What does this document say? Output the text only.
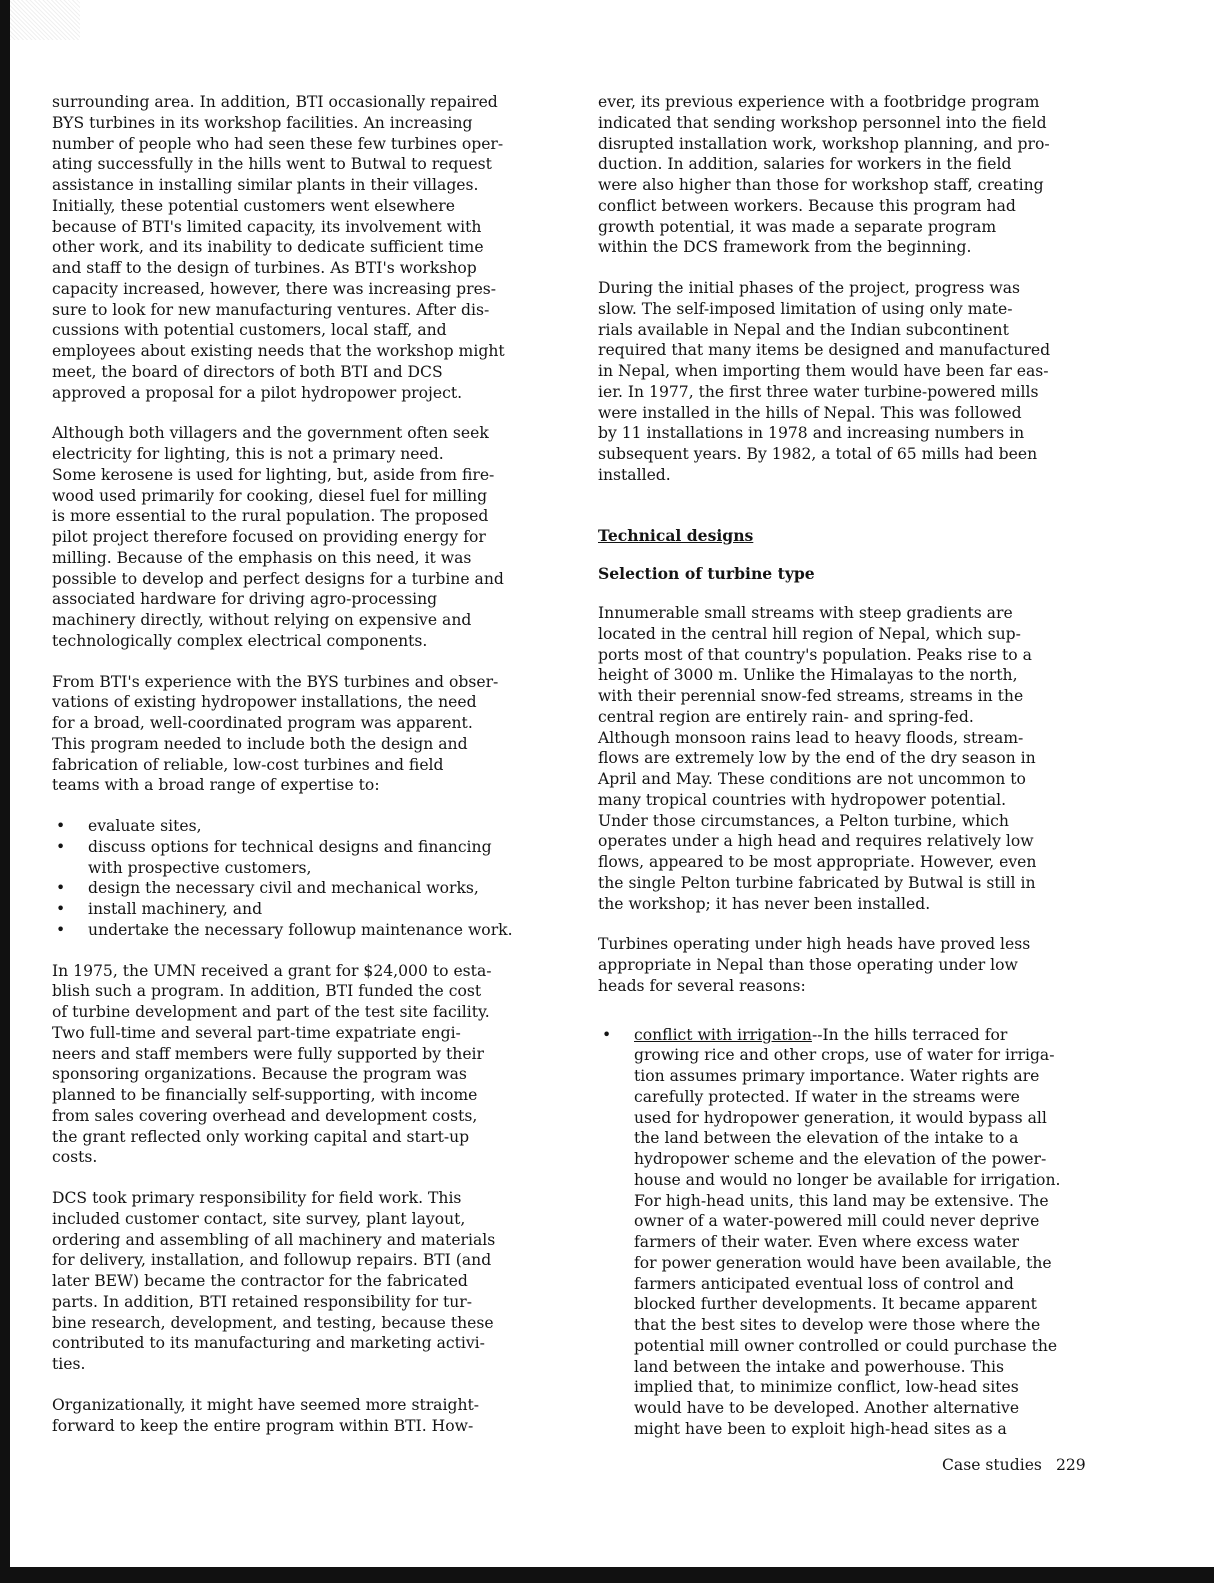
surrounding area. In addition, BTI occasionally repaired
BYS turbines in its workshop facilities. An increasing
number of people who had seen these few turbines oper-
ating successfully in the hills went to Butwal to request
assistance in installing similar plants in their villages.
Initially, these potential customers went elsewhere
because of BTI's limited capacity, its involvement with
other work, and its inability to dedicate sufficient time
and staff to the design of turbines. As BTI's workshop
capacity increased, however, there was increasing pres-
sure to look for new manufacturing ventures. After dis-
cussions with potential customers, local staff, and
employees about existing needs that the workshop might
meet, the board of directors of both BTI and DCS
approved a proposal for a pilot hydropower project.

Although both villagers and the government often seek
electricity for lighting, this is not a primary need.
Some kerosene is used for lighting, but, aside from fire-
wood used primarily for cooking, diesel fuel for milling
is more essential to the rural population. The proposed
pilot project therefore focused on providing energy for
milling. Because of the emphasis on this need, it was
possible to develop and perfect designs for a turbine and
associated hardware for driving agro-processing
machinery directly, without relying on expensive and
technologically complex electrical components.

From BTI's experience with the BYS turbines and obser-
vations of existing hydropower installations, the need
for a broad, well-coordinated program was apparent.
This program needed to include both the design and
fabrication of reliable, low-cost turbines and field
teams with a broad range of expertise to:

• evaluate sites,
• discuss options for technical designs and financing
with prospective customers,
• design the necessary civil and mechanical works,
• install machinery, and
• undertake the necessary followup maintenance work.

In 1975, the UMN received a grant for $24,000 to esta-
blish such a program. In addition, BTI funded the cost
of turbine development and part of the test site facility.
Two full-time and several part-time expatriate engi-
neers and staff members were fully supported by their
sponsoring organizations. Because the program was
planned to be financially self-supporting, with income
from sales covering overhead and development costs,
the grant reflected only working capital and start-up
costs.

DCS took primary responsibility for field work. This
included customer contact, site survey, plant layout,
ordering and assembling of all machinery and materials
for delivery, installation, and followup repairs. BTI (and
later BEW) became the contractor for the fabricated
parts. In addition, BTI retained responsibility for tur-
bine research, development, and testing, because these
contributed to its manufacturing and marketing activi-
ties.

Organizationally, it might have seemed more straight-
forward to keep the entire program within BTI. How-

ever, its previous experience with a footbridge program
indicated that sending workshop personnel into the field
disrupted installation work, workshop planning, and pro-
duction. In addition, salaries for workers in the field
were also higher than those for workshop staff, creating
conflict between workers. Because this program had
growth potential, it was made a separate program
within the DCS framework from the beginning.

During the initial phases of the project, progress was
slow. The self-imposed limitation of using only mate-
rials available in Nepal and the Indian subcontinent
required that many items be designed and manufactured
in Nepal, when importing them would have been far eas-
ier. In 1977, the first three water turbine-powered mills
were installed in the hills of Nepal. This was followed
by 11 installations in 1978 and increasing numbers in
subsequent years. By 1982, a total of 65 mills had been
installed.

Technical designs
Selection of turbine type

Innumerable small streams with steep gradients are
located in the central hill region of Nepal, which sup-
ports most of that country's population. Peaks rise to a
height of 3000 m. Unlike the Himalayas to the north,
with their perennial snow-fed streams, streams in the
central region are entirely rain- and spring-fed.
Although monsoon rains lead to heavy floods, stream-
flows are extremely low by the end of the dry season in
April and May. These conditions are not uncommon to
many tropical countries with hydropower potential.
Under those circumstances, a Pelton turbine, which
operates under a high head and requires relatively low
flows, appeared to be most appropriate. However, even
the single Pelton turbine fabricated by Butwal is still in
the workshop; it has never been installed.

Turbines operating under high heads have proved less
appropriate in Nepal than those operating under low
heads for several reasons:

• conflict with irrigation--In the hills terraced for
growing rice and other crops, use of water for irriga-
tion assumes primary importance. Water rights are
carefully protected. If water in the streams were
used for hydropower generation, it would bypass all
the land between the elevation of the intake to a
hydropower scheme and the elevation of the power-
house and would no longer be available for irrigation.
For high-head units, this land may be extensive. The
owner of a water-powered mill could never deprive
farmers of their water. Even where excess water
for power generation would have been available, the
farmers anticipated eventual loss of control and
blocked further developments. It became apparent
that the best sites to develop were those where the
potential mill owner controlled or could purchase the
land between the intake and powerhouse. This
implied that, to minimize conflict, low-head sites
would have to be developed. Another alternative
might have been to exploit high-head sites as a
Case studies 229
